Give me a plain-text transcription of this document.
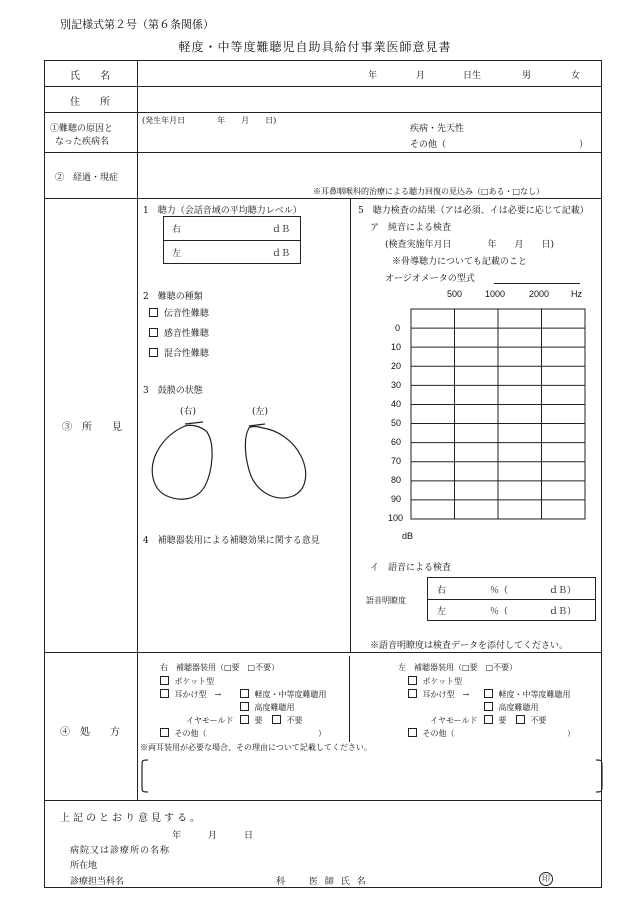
別記様式第２号（第６条関係）
軽度・中等度難聴児自助具給付事業医師意見書
氏　　名	年	月	日生	男	女
住　　所
①難聴の原因と
なった疾病名
(発生年月日　　　　年　　月　　日)
疾病・先天性
その他（	）
②　経過・現症
※耳鼻咽喉科的治療による聴力回復の見込み（□ある・□なし）
③　所　　見
1　聴力（会話音域の平均聴力レベル）
右	ｄＢ
左	ｄＢ
2　難聴の種類
伝音性難聴
感音性難聴
混合性難聴
3　鼓膜の状態
(右)	(左)
4　補聴器装用による補聴効果に関する意見
5　聴力検査の結果（アは必須、イは必要に応じて記載）
ア　純音による検査
(検査実施年月日　　　　年　　月　　日)
※骨導聴力についても記載のこと
オージオメータの型式
500	1000	2000 Hz
0
10
20
30
40
50
60
70
80
90
100
dB
イ　語音による検査
語音明瞭度
右	％（	ｄＢ）
左	％（	ｄＢ）
※語音明瞭度は検査データを添付してください。
④　処　　方
右　補聴器装用（□要　□不要）
ポケット型
耳かけ型　→	軽度・中等度難聴用
高度難聴用
イヤモールド	要	不要
その他（	）
左　補聴器装用（□要　□不要）
ポケット型
耳かけ型　→	軽度・中等度難聴用
高度難聴用
イヤモールド	要	不要
その他（	）
※両耳装用が必要な場合、その理由について記載してください。
上記のとおり意見する。
年　　　月　　　日
病院又は診療所の名称
所在地
診療担当科名	科　　医 師 氏 名	印
